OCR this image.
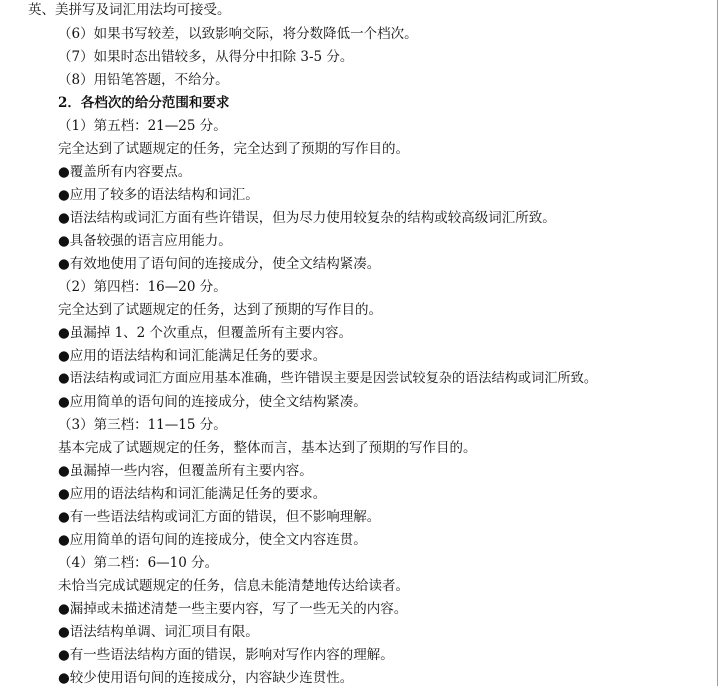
英、美拼写及词汇用法均可接受。
（6）如果书写较差，以致影响交际，将分数降低一个档次。
（7）如果时态出错较多，从得分中扣除 3-5 分。
（8）用铅笔答题，不给分。
2．各档次的给分范围和要求
（1）第五档：21—25 分。
完全达到了试题规定的任务，完全达到了预期的写作目的。
●覆盖所有内容要点。
●应用了较多的语法结构和词汇。
●语法结构或词汇方面有些许错误，但为尽力使用较复杂的结构或较高级词汇所致。
●具备较强的语言应用能力。
●有效地使用了语句间的连接成分，使全文结构紧凑。
（2）第四档：16—20 分。
完全达到了试题规定的任务，达到了预期的写作目的。
●虽漏掉 1、2 个次重点，但覆盖所有主要内容。
●应用的语法结构和词汇能满足任务的要求。
●语法结构或词汇方面应用基本准确，些许错误主要是因尝试较复杂的语法结构或词汇所致。
●应用简单的语句间的连接成分，使全文结构紧凑。
（3）第三档：11—15 分。
基本完成了试题规定的任务，整体而言，基本达到了预期的写作目的。
●虽漏掉一些内容，但覆盖所有主要内容。
●应用的语法结构和词汇能满足任务的要求。
●有一些语法结构或词汇方面的错误，但不影响理解。
●应用简单的语句间的连接成分，使全文内容连贯。
（4）第二档：6—10 分。
未恰当完成试题规定的任务，信息未能清楚地传达给读者。
●漏掉或未描述清楚一些主要内容，写了一些无关的内容。
●语法结构单调、词汇项目有限。
●有一些语法结构方面的错误，影响对写作内容的理解。
●较少使用语句间的连接成分，内容缺少连贯性。
